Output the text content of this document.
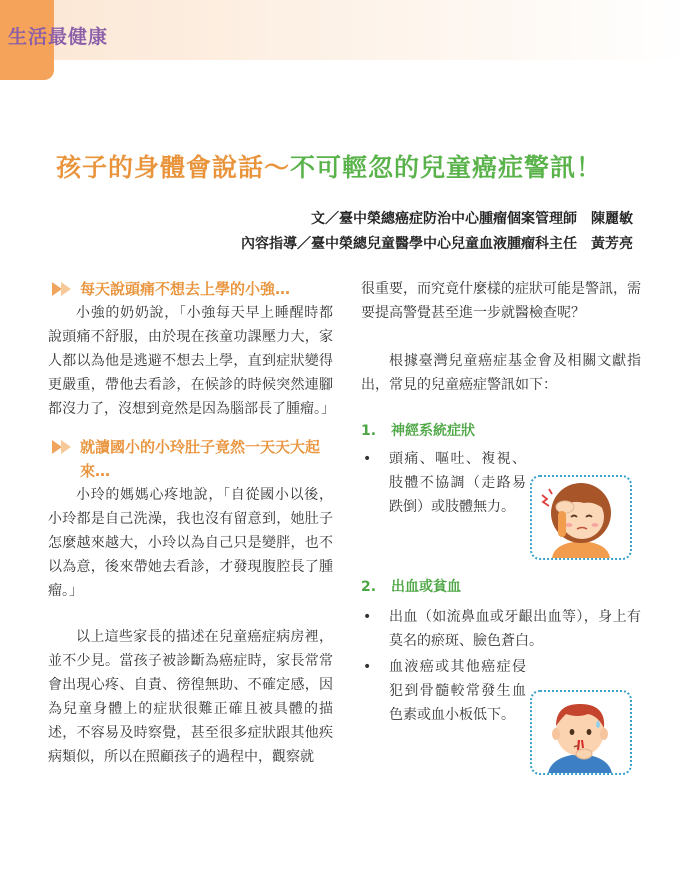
生活最健康
孩子的身體會說話～不可輕忽的兒童癌症警訊！
文／臺中榮總癌症防治中心腫瘤個案管理師　陳麗敏
內容指導／臺中榮總兒童醫學中心兒童血液腫瘤科主任　黃芳亮
每天說頭痛不想去上學的小強…

小強的奶奶說，「小強每天早上睡醒時都說頭痛不舒服，由於現在孩童功課壓力大，家人都以為他是逃避不想去上學，直到症狀變得更嚴重，帶他去看診，在候診的時候突然連腳都沒力了，沒想到竟然是因為腦部長了腫瘤。」

就讀國小的小玲肚子竟然一天天大起來…

小玲的媽媽心疼地說，「自從國小以後，小玲都是自己洗澡，我也沒有留意到，她肚子怎麼越來越大，小玲以為自己只是變胖，也不以為意，後來帶她去看診，才發現腹腔長了腫瘤。」

以上這些家長的描述在兒童癌症病房裡，並不少見。當孩子被診斷為癌症時，家長常常會出現心疼、自責、徬徨無助、不確定感，因為兒童身體上的症狀很難正確且被具體的描述，不容易及時察覺，甚至很多症狀跟其他疾病類似，所以在照顧孩子的過程中，觀察就

很重要，而究竟什麼樣的症狀可能是警訊，需要提高警覺甚至進一步就醫檢查呢？

根據臺灣兒童癌症基金會及相關文獻指出，常見的兒童癌症警訊如下：

1.	神經系統症狀
•	頭痛、嘔吐、複視、肢體不協調（走路易跌倒）或肢體無力。
2.	出血或貧血
•	出血（如流鼻血或牙齦出血等），身上有莫名的瘀斑、臉色蒼白。
•	血液癌或其他癌症侵犯到骨髓較常發生血色素或血小板低下。
